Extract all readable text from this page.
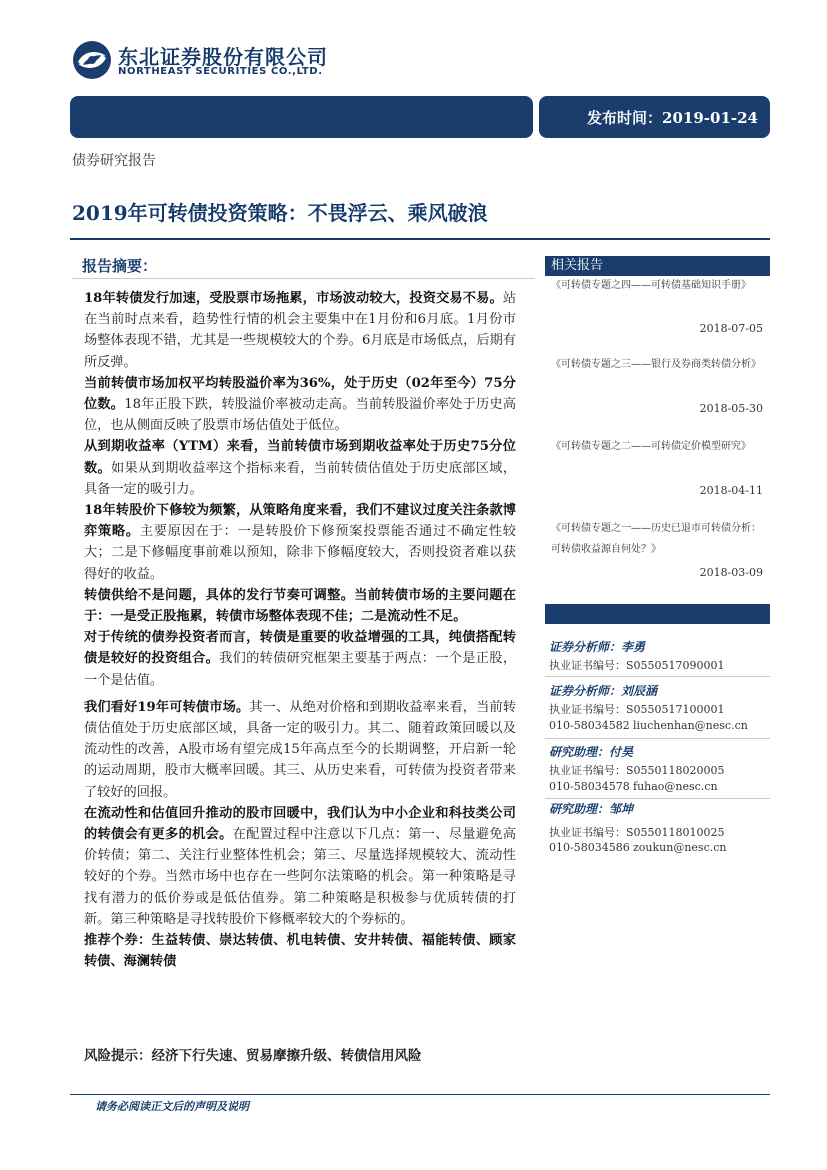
东北证券股份有限公司
NORTHEAST SECURITIES CO.,LTD.
发布时间：2019-01-24
债券研究报告
2019年可转债投资策略：不畏浮云、乘风破浪
报告摘要：

18年转债发行加速，受股票市场拖累，市场波动较大，投资交易不易。站在当前时点来看，趋势性行情的机会主要集中在1月份和6月底。1月份市场整体表现不错，尤其是一些规模较大的个券。6月底是市场低点，后期有所反弹。

当前转债市场加权平均转股溢价率为36%，处于历史（02年至今）75分位数。18年正股下跌，转股溢价率被动走高。当前转股溢价率处于历史高位，也从侧面反映了股票市场估值处于低位。

从到期收益率（YTM）来看，当前转债市场到期收益率处于历史75分位数。如果从到期收益率这个指标来看，当前转债估值处于历史底部区域，具备一定的吸引力。

18年转股价下修较为频繁，从策略角度来看，我们不建议过度关注条款博弈策略。主要原因在于：一是转股价下修预案投票能否通过不确定性较大；二是下修幅度事前难以预知，除非下修幅度较大，否则投资者难以获得好的收益。

转债供给不是问题，具体的发行节奏可调整。当前转债市场的主要问题在于：一是受正股拖累，转债市场整体表现不佳；二是流动性不足。

对于传统的债券投资者而言，转债是重要的收益增强的工具，纯债搭配转债是较好的投资组合。我们的转债研究框架主要基于两点：一个是正股，一个是估值。

我们看好19年可转债市场。其一、从绝对价格和到期收益率来看，当前转债估值处于历史底部区域，具备一定的吸引力。其二、随着政策回暖以及流动性的改善，A股市场有望完成15年高点至今的长期调整，开启新一轮的运动周期，股市大概率回暖。其三、从历史来看，可转债为投资者带来了较好的回报。

在流动性和估值回升推动的股市回暖中，我们认为中小企业和科技类公司的转债会有更多的机会。在配置过程中注意以下几点：第一、尽量避免高价转债；第二、关注行业整体性机会；第三、尽量选择规模较大、流动性较好的个券。当然市场中也存在一些阿尔法策略的机会。第一种策略是寻找有潜力的低价券或是低估值券。第二种策略是积极参与优质转债的打新。第三种策略是寻找转股价下修概率较大的个券标的。

推荐个券：生益转债、崇达转债、机电转债、安井转债、福能转债、顾家转债、海澜转债

风险提示：经济下行失速、贸易摩擦升级、转债信用风险
相关报告
《可转债专题之四——可转债基础知识手册》
2018-07-05
《可转债专题之三——银行及券商类转债分析》
2018-05-30
《可转债专题之二——可转债定价模型研究》
2018-04-11
《可转债专题之一——历史已退市可转债分析：可转债收益源自何处？》
2018-03-09
证券分析师：李勇
执业证书编号：S0550517090001
证券分析师：刘辰涵
执业证书编号：S0550517100001
010-58034582 liuchenhan@nesc.cn
研究助理：付昊
执业证书编号：S0550118020005
010-58034578 fuhao@nesc.cn
研究助理：邹坤
执业证书编号：S0550118010025
010-58034586 zoukun@nesc.cn
请务必阅读正文后的声明及说明
